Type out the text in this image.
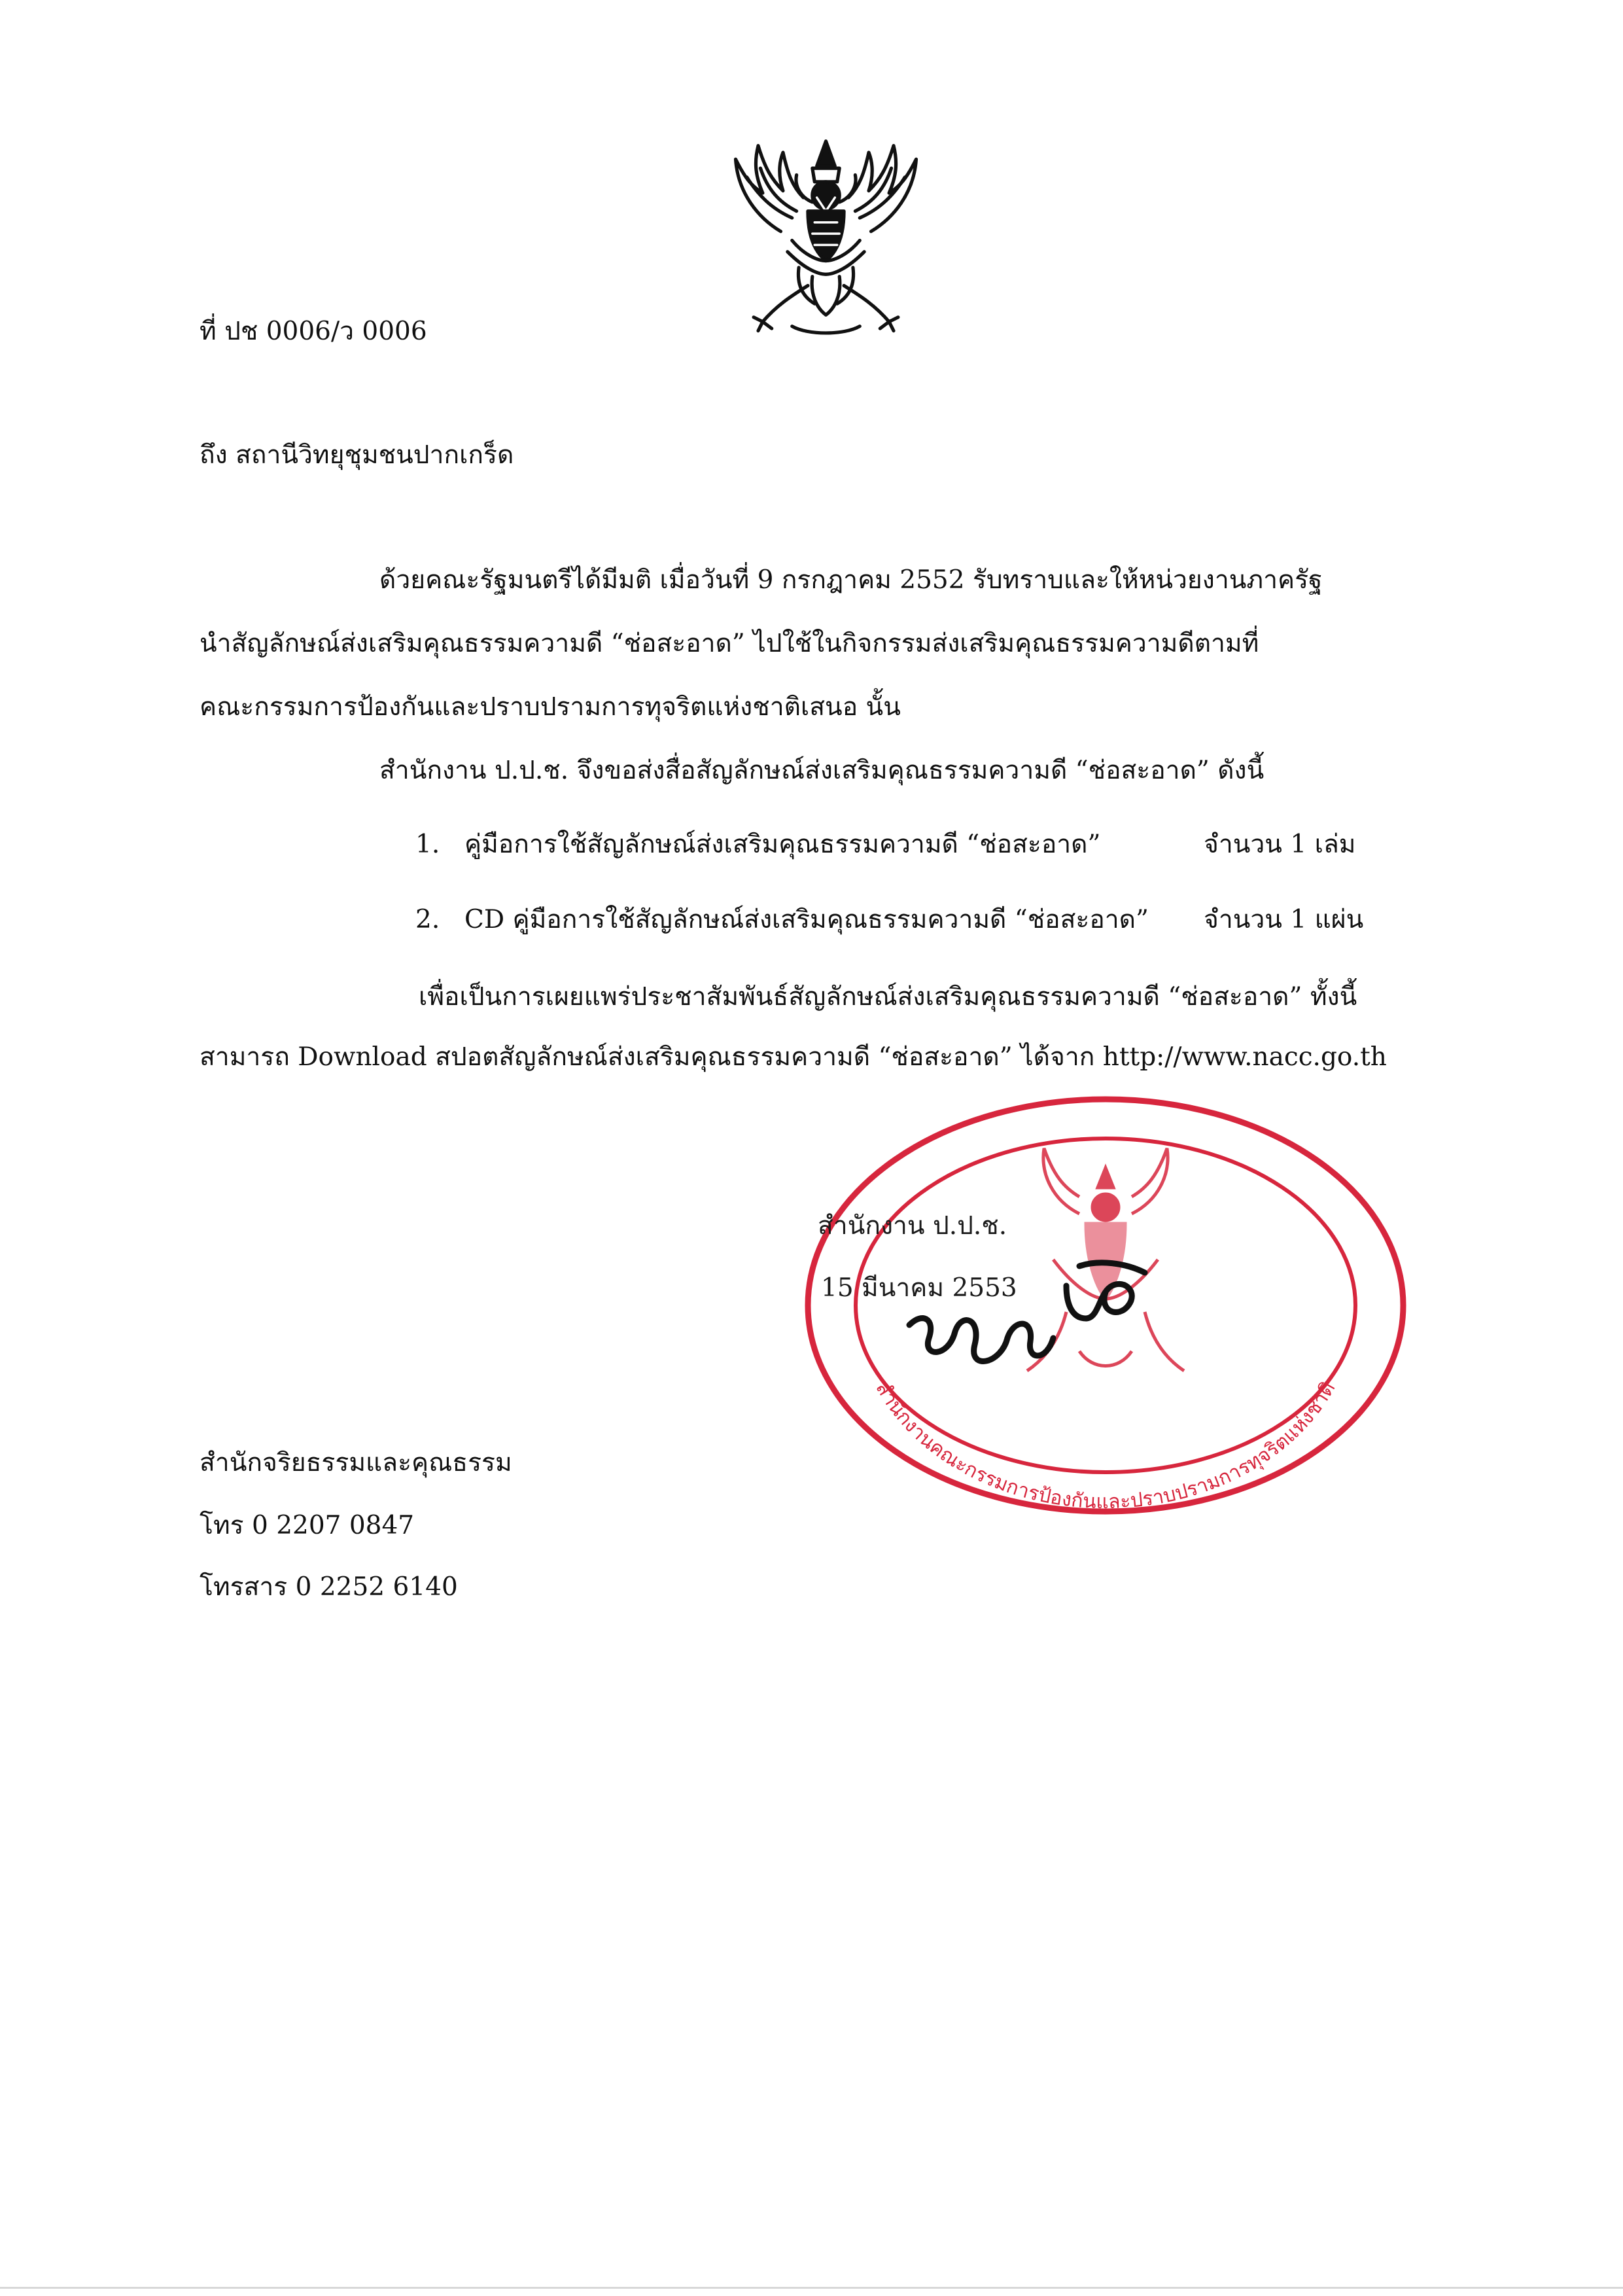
ที่ ปช 0006/ว 0006
ถึง สถานีวิทยุชุมชนปากเกร็ด
ด้วยคณะรัฐมนตรีได้มีมติ เมื่อวันที่ 9 กรกฎาคม 2552 รับทราบและให้หน่วยงานภาครัฐ
นำสัญลักษณ์ส่งเสริมคุณธรรมความดี “ช่อสะอาด” ไปใช้ในกิจกรรมส่งเสริมคุณธรรมความดีตามที่
คณะกรรมการป้องกันและปราบปรามการทุจริตแห่งชาติเสนอ นั้น
สำนักงาน ป.ป.ช. จึงขอส่งสื่อสัญลักษณ์ส่งเสริมคุณธรรมความดี “ช่อสะอาด” ดังนี้
1. คู่มือการใช้สัญลักษณ์ส่งเสริมคุณธรรมความดี “ช่อสะอาด”	จำนวน 1 เล่ม
2. CD คู่มือการใช้สัญลักษณ์ส่งเสริมคุณธรรมความดี “ช่อสะอาด” จำนวน 1 แผ่น
เพื่อเป็นการเผยแพร่ประชาสัมพันธ์สัญลักษณ์ส่งเสริมคุณธรรมความดี “ช่อสะอาด” ทั้งนี้
สามารถ Download สปอตสัญลักษณ์ส่งเสริมคุณธรรมความดี “ช่อสะอาด” ได้จาก http://www.nacc.go.th
สำนักงานคณะกรรมการป้องกันและปราบปรามการทุจริตแห่งชาติ
สำนักงาน ป.ป.ช.
15 มีนาคม 2553
สำนักจริยธรรมและคุณธรรม
โทร 0 2207 0847
โทรสาร 0 2252 6140
